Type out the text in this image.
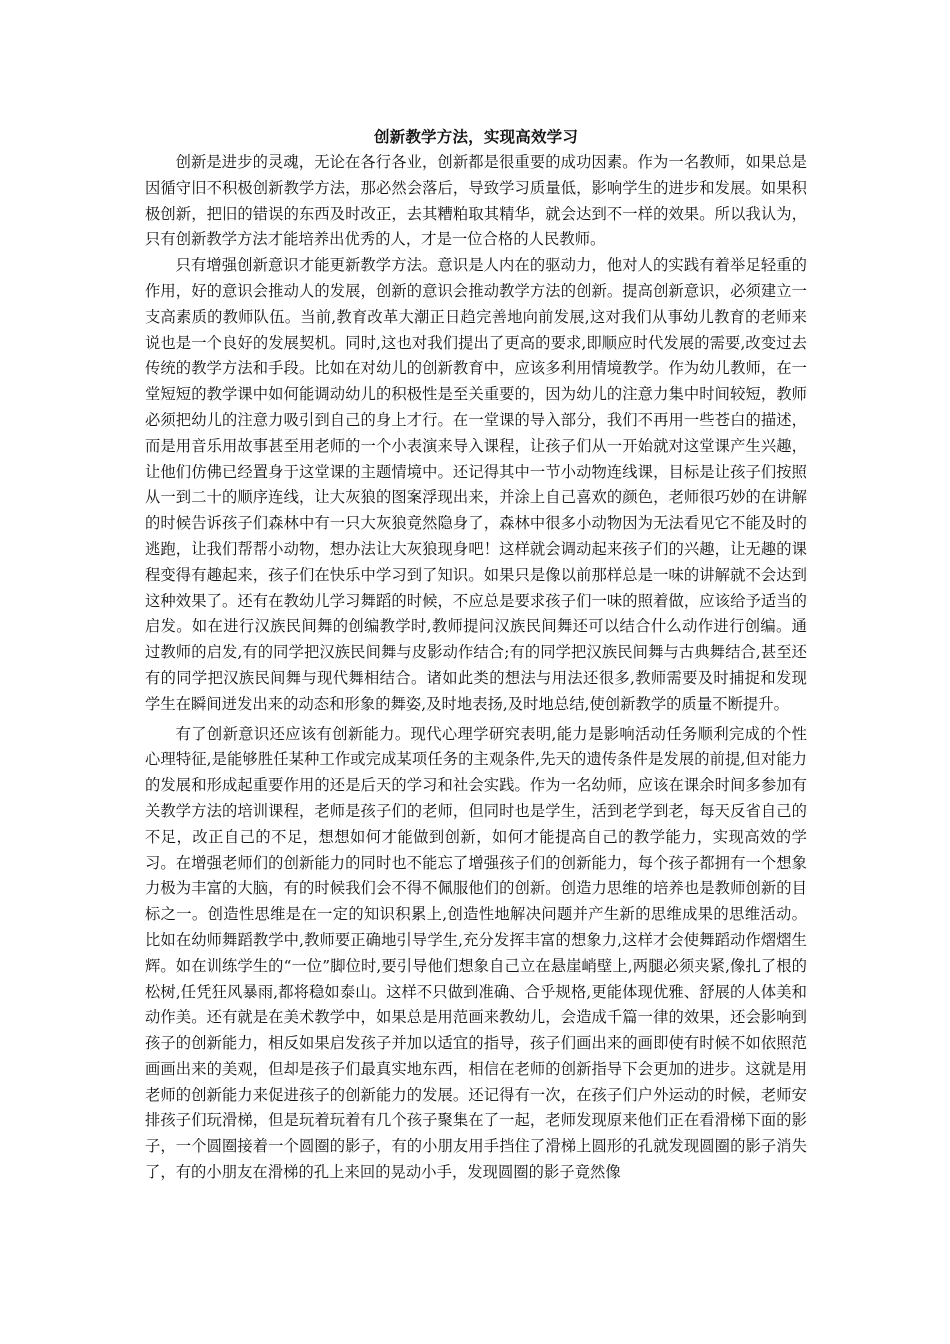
创新教学方法，实现高效学习

创新是进步的灵魂，无论在各行各业，创新都是很重要的成功因素。作为一名教师，如果总是因循守旧不积极创新教学方法，那必然会落后，导致学习质量低，影响学生的进步和发展。如果积极创新，把旧的错误的东西及时改正，去其糟粕取其精华，就会达到不一样的效果。所以我认为，只有创新教学方法才能培养出优秀的人，才是一位合格的人民教师。

只有增强创新意识才能更新教学方法。意识是人内在的驱动力，他对人的实践有着举足轻重的作用，好的意识会推动人的发展，创新的意识会推动教学方法的创新。提高创新意识，必须建立一支高素质的教师队伍。当前,教育改革大潮正日趋完善地向前发展,这对我们从事幼儿教育的老师来说也是一个良好的发展契机。同时,这也对我们提出了更高的要求,即顺应时代发展的需要,改变过去传统的教学方法和手段。比如在对幼儿的创新教育中，应该多利用情境教学。作为幼儿教师，在一堂短短的教学课中如何能调动幼儿的积极性是至关重要的，因为幼儿的注意力集中时间较短，教师必须把幼儿的注意力吸引到自己的身上才行。在一堂课的导入部分，我们不再用一些苍白的描述，而是用音乐用故事甚至用老师的一个小表演来导入课程，让孩子们从一开始就对这堂课产生兴趣，让他们仿佛已经置身于这堂课的主题情境中。还记得其中一节小动物连线课，目标是让孩子们按照从一到二十的顺序连线，让大灰狼的图案浮现出来，并涂上自己喜欢的颜色，老师很巧妙的在讲解的时候告诉孩子们森林中有一只大灰狼竟然隐身了，森林中很多小动物因为无法看见它不能及时的逃跑，让我们帮帮小动物，想办法让大灰狼现身吧！这样就会调动起来孩子们的兴趣，让无趣的课程变得有趣起来，孩子们在快乐中学习到了知识。如果只是像以前那样总是一味的讲解就不会达到这种效果了。还有在教幼儿学习舞蹈的时候，不应总是要求孩子们一味的照着做，应该给予适当的启发。如在进行汉族民间舞的创编教学时,教师提问汉族民间舞还可以结合什么动作进行创编。通过教师的启发,有的同学把汉族民间舞与皮影动作结合;有的同学把汉族民间舞与古典舞结合,甚至还有的同学把汉族民间舞与现代舞相结合。诸如此类的想法与用法还很多,教师需要及时捕捉和发现学生在瞬间迸发出来的动态和形象的舞姿,及时地表扬,及时地总结,使创新教学的质量不断提升。

有了创新意识还应该有创新能力。现代心理学研究表明,能力是影响活动任务顺利完成的个性心理特征,是能够胜任某种工作或完成某项任务的主观条件,先天的遗传条件是发展的前提,但对能力的发展和形成起重要作用的还是后天的学习和社会实践。作为一名幼师，应该在课余时间多参加有关教学方法的培训课程，老师是孩子们的老师，但同时也是学生，活到老学到老，每天反省自己的不足，改正自己的不足，想想如何才能做到创新，如何才能提高自己的教学能力，实现高效的学习。在增强老师们的创新能力的同时也不能忘了增强孩子们的创新能力，每个孩子都拥有一个想象力极为丰富的大脑，有的时候我们会不得不佩服他们的创新。创造力思维的培养也是教师创新的目标之一。创造性思维是在一定的知识积累上,创造性地解决问题并产生新的思维成果的思维活动。比如在幼师舞蹈教学中,教师要正确地引导学生,充分发挥丰富的想象力,这样才会使舞蹈动作熠熠生辉。如在训练学生的“一位”脚位时,要引导他们想象自己立在悬崖峭壁上,两腿必须夹紧,像扎了根的松树,任凭狂风暴雨,都将稳如泰山。这样不只做到准确、合乎规格,更能体现优雅、舒展的人体美和动作美。还有就是在美术教学中，如果总是用范画来教幼儿，会造成千篇一律的效果，还会影响到孩子的创新能力，相反如果启发孩子并加以适宜的指导，孩子们画出来的画即使有时候不如依照范画画出来的美观，但却是孩子们最真实地东西，相信在老师的创新指导下会更加的进步。这就是用老师的创新能力来促进孩子的创新能力的发展。还记得有一次，在孩子们户外运动的时候，老师安排孩子们玩滑梯，但是玩着玩着有几个孩子聚集在了一起，老师发现原来他们正在看滑梯下面的影子，一个圆圈接着一个圆圈的影子，有的小朋友用手挡住了滑梯上圆形的孔就发现圆圈的影子消失了，有的小朋友在滑梯的孔上来回的晃动小手，发现圆圈的影子竟然像
